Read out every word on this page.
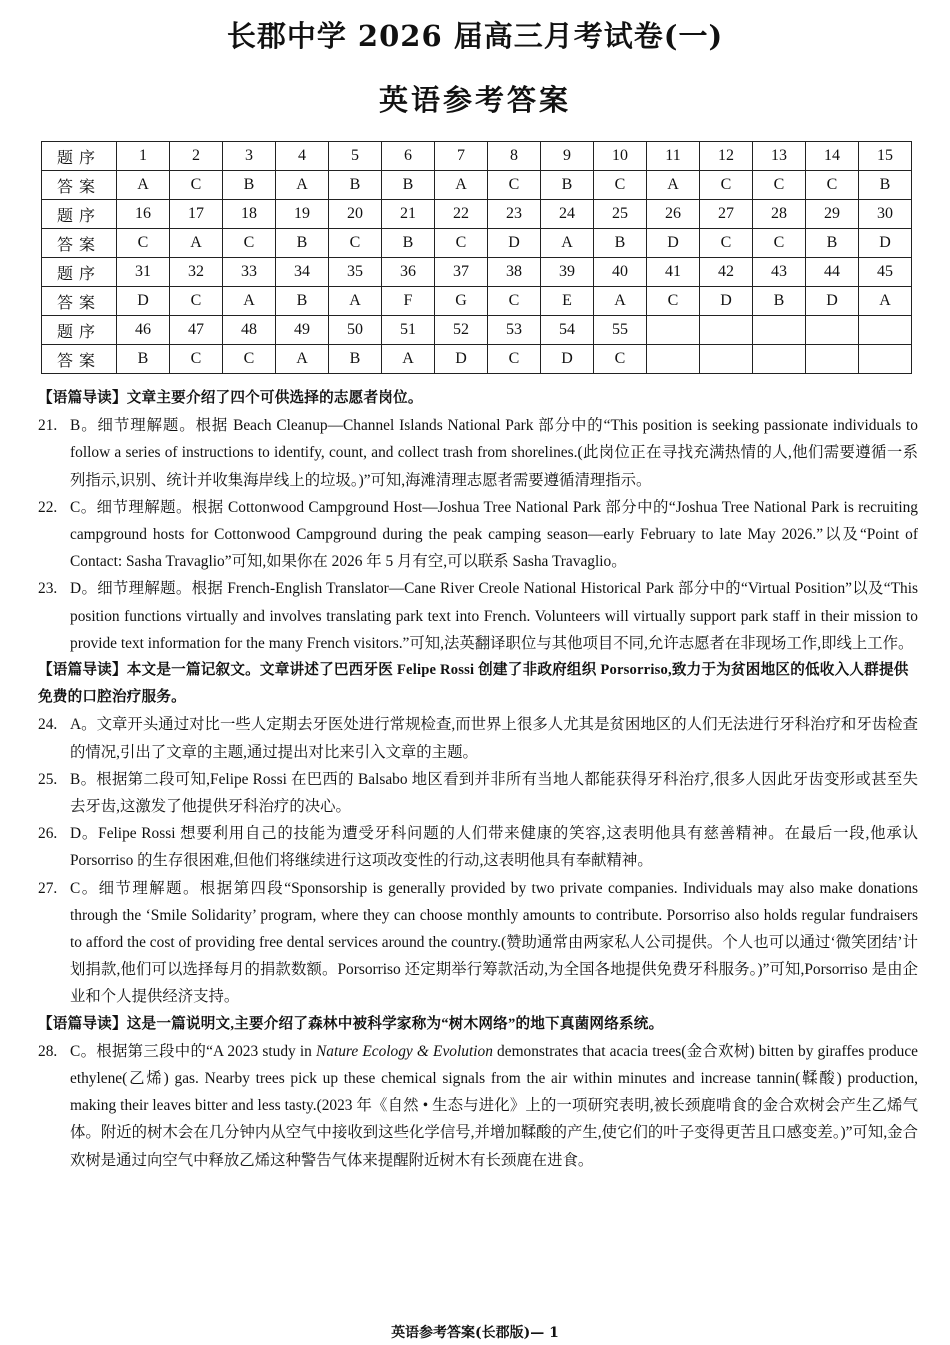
长郡中学 2026 届高三月考试卷(一)
英语参考答案
题序	1	2	3	4	5	6	7	8	9	10	11	12	13	14	15
答案	A	C	B	A	B	B	A	C	B	C	A	C	C	C	B
题序	16	17	18	19	20	21	22	23	24	25	26	27	28	29	30
答案	C	A	C	B	C	B	C	D	A	B	D	C	C	B	D
题序	31	32	33	34	35	36	37	38	39	40	41	42	43	44	45
答案	D	C	A	B	A	F	G	C	E	A	C	D	B	D	A
题序	46	47	48	49	50	51	52	53	54	55					
答案	B	C	C	A	B	A	D	C	D	C					
【语篇导读】文章主要介绍了四个可供选择的志愿者岗位。
21. B。细节理解题。根据 Beach Cleanup—Channel Islands National Park 部分中的“This position is seeking passionate individuals to follow a series of instructions to identify, count, and collect trash from shorelines.(此岗位正在寻找充满热情的人,他们需要遵循一系列指示,识别、统计并收集海岸线上的垃圾。)”可知,海滩清理志愿者需要遵循清理指示。
22. C。细节理解题。根据 Cottonwood Campground Host—Joshua Tree National Park 部分中的“Joshua Tree National Park is recruiting campground hosts for Cottonwood Campground during the peak camping season—early February to late May 2026.”以及“Point of Contact: Sasha Travaglio”可知,如果你在 2026 年 5 月有空,可以联系 Sasha Travaglio。
23. D。细节理解题。根据 French-English Translator—Cane River Creole National Historical Park 部分中的“Virtual Position”以及“This position functions virtually and involves translating park text into French. Volunteers will virtually support park staff in their mission to provide text information for the many French visitors.”可知,法英翻译职位与其他项目不同,允许志愿者在非现场工作,即线上工作。
【语篇导读】本文是一篇记叙文。文章讲述了巴西牙医 Felipe Rossi 创建了非政府组织 Porsorriso,致力于为贫困地区的低收入人群提供免费的口腔治疗服务。
24. A。文章开头通过对比一些人定期去牙医处进行常规检查,而世界上很多人尤其是贫困地区的人们无法进行牙科治疗和牙齿检查的情况,引出了文章的主题,通过提出对比来引入文章的主题。
25. B。根据第二段可知,Felipe Rossi 在巴西的 Balsabo 地区看到并非所有当地人都能获得牙科治疗,很多人因此牙齿变形或甚至失去牙齿,这激发了他提供牙科治疗的决心。
26. D。Felipe Rossi 想要利用自己的技能为遭受牙科问题的人们带来健康的笑容,这表明他具有慈善精神。在最后一段,他承认 Porsorriso 的生存很困难,但他们将继续进行这项改变性的行动,这表明他具有奉献精神。
27. C。细节理解题。根据第四段“Sponsorship is generally provided by two private companies. Individuals may also make donations through the ‘Smile Solidarity’ program, where they can choose monthly amounts to contribute. Porsorriso also holds regular fundraisers to afford the cost of providing free dental services around the country.(赞助通常由两家私人公司提供。个人也可以通过‘微笑团结’计划捐款,他们可以选择每月的捐款数额。Porsorriso 还定期举行筹款活动,为全国各地提供免费牙科服务。)”可知,Porsorriso 是由企业和个人提供经济支持。
【语篇导读】这是一篇说明文,主要介绍了森林中被科学家称为“树木网络”的地下真菌网络系统。
28. C。根据第三段中的“A 2023 study in Nature Ecology & Evolution demonstrates that acacia trees(金合欢树) bitten by giraffes produce ethylene(乙烯) gas. Nearby trees pick up these chemical signals from the air within minutes and increase tannin(鞣酸) production, making their leaves bitter and less tasty.(2023 年《自然 • 生态与进化》上的一项研究表明,被长颈鹿啃食的金合欢树会产生乙烯气体。附近的树木会在几分钟内从空气中接收到这些化学信号,并增加鞣酸的产生,使它们的叶子变得更苦且口感变差。)”可知,金合欢树是通过向空气中释放乙烯这种警告气体来提醒附近树木有长颈鹿在进食。
英语参考答案(长郡版)— 1
